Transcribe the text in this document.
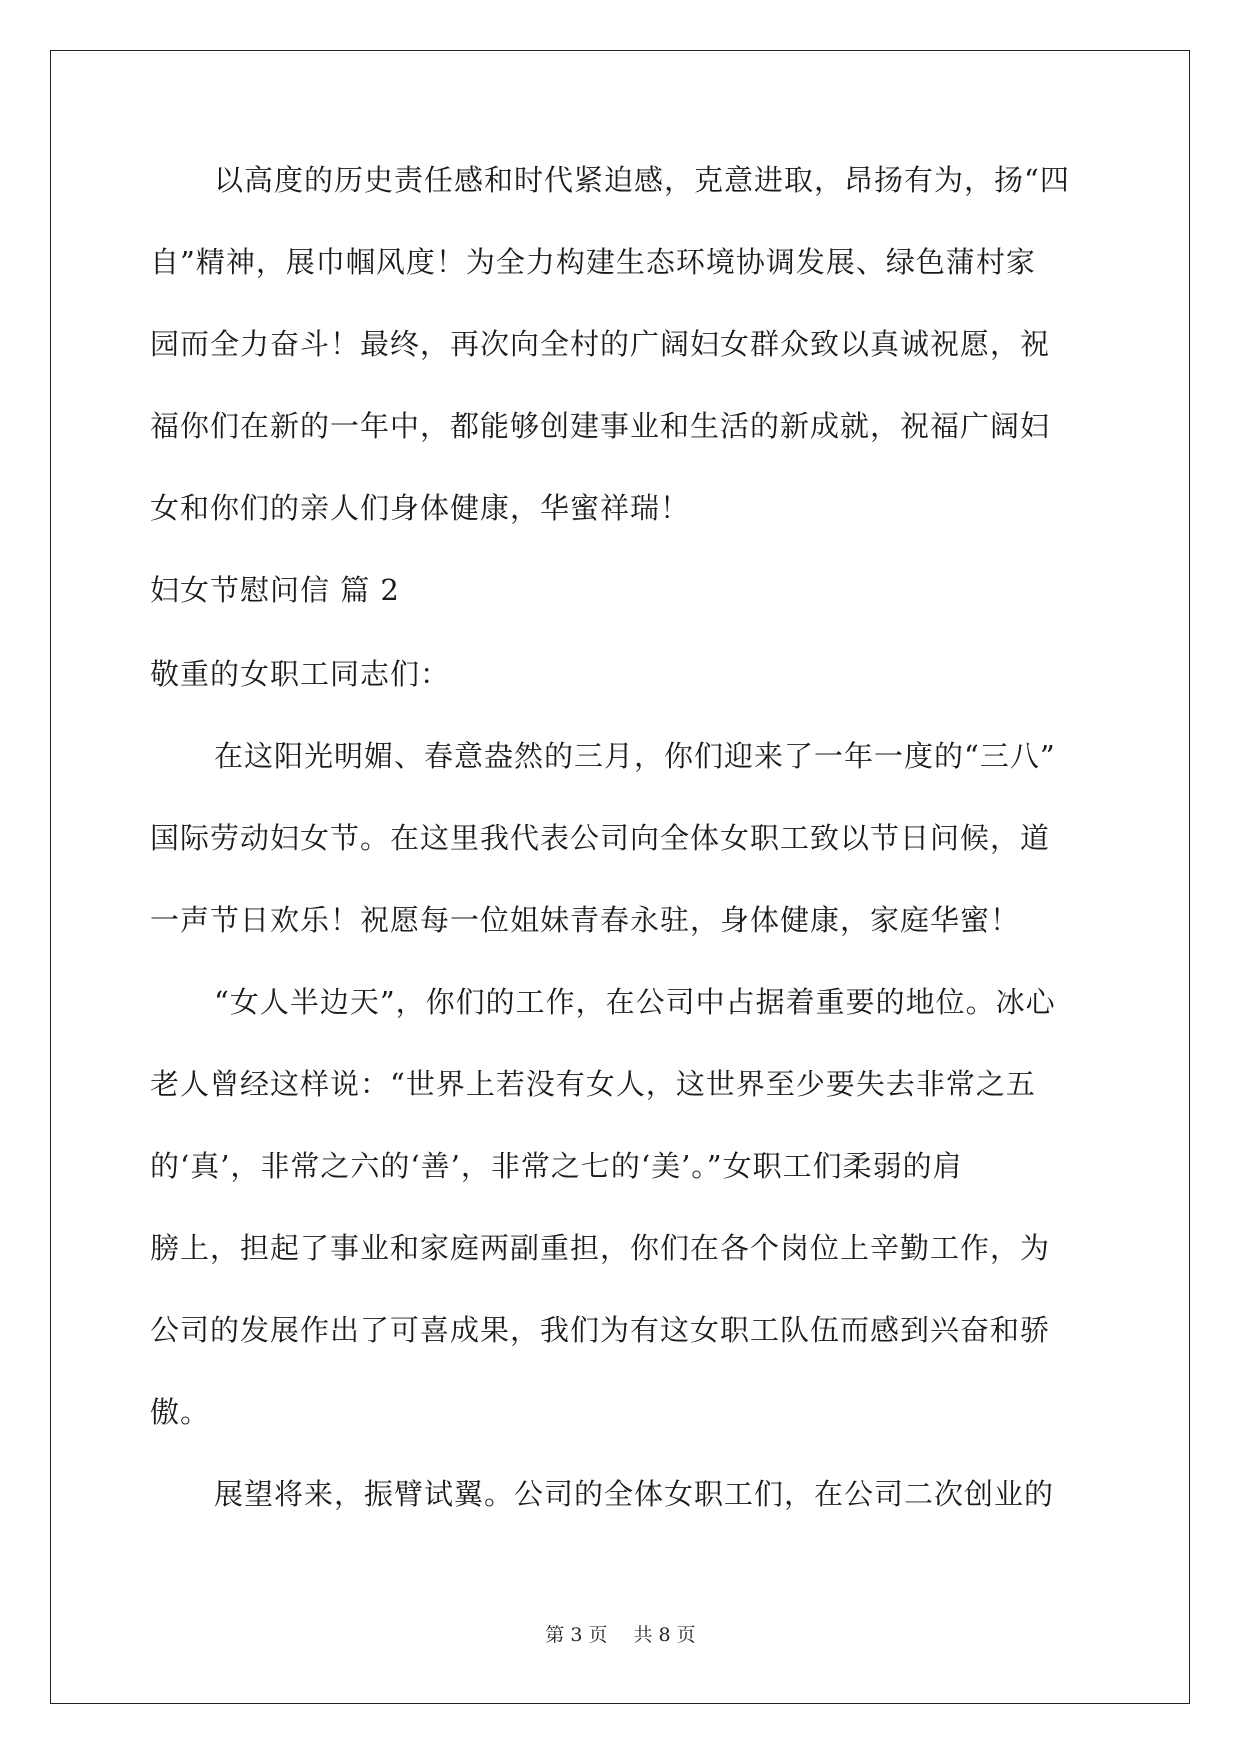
以高度的历史责任感和时代紧迫感，克意进取，昂扬有为，扬“四
自”精神，展巾帼风度！为全力构建生态环境协调发展、绿色蒲村家
园而全力奋斗！最终，再次向全村的广阔妇女群众致以真诚祝愿，祝
福你们在新的一年中，都能够创建事业和生活的新成就，祝福广阔妇
女和你们的亲人们身体健康，华蜜祥瑞！
妇女节慰问信 篇 2
敬重的女职工同志们：
在这阳光明媚、春意盎然的三月，你们迎来了一年一度的“三八”
国际劳动妇女节。在这里我代表公司向全体女职工致以节日问候，道
一声节日欢乐！祝愿每一位姐妹青春永驻，身体健康，家庭华蜜！
“女人半边天”，你们的工作，在公司中占据着重要的地位。冰心
老人曾经这样说：“世界上若没有女人，这世界至少要失去非常之五
的‘真’，非常之六的‘善’，非常之七的‘美’。”女职工们柔弱的肩
膀上，担起了事业和家庭两副重担，你们在各个岗位上辛勤工作，为
公司的发展作出了可喜成果，我们为有这女职工队伍而感到兴奋和骄
傲。
展望将来，振臂试翼。公司的全体女职工们，在公司二次创业的
第 3 页 共 8 页
